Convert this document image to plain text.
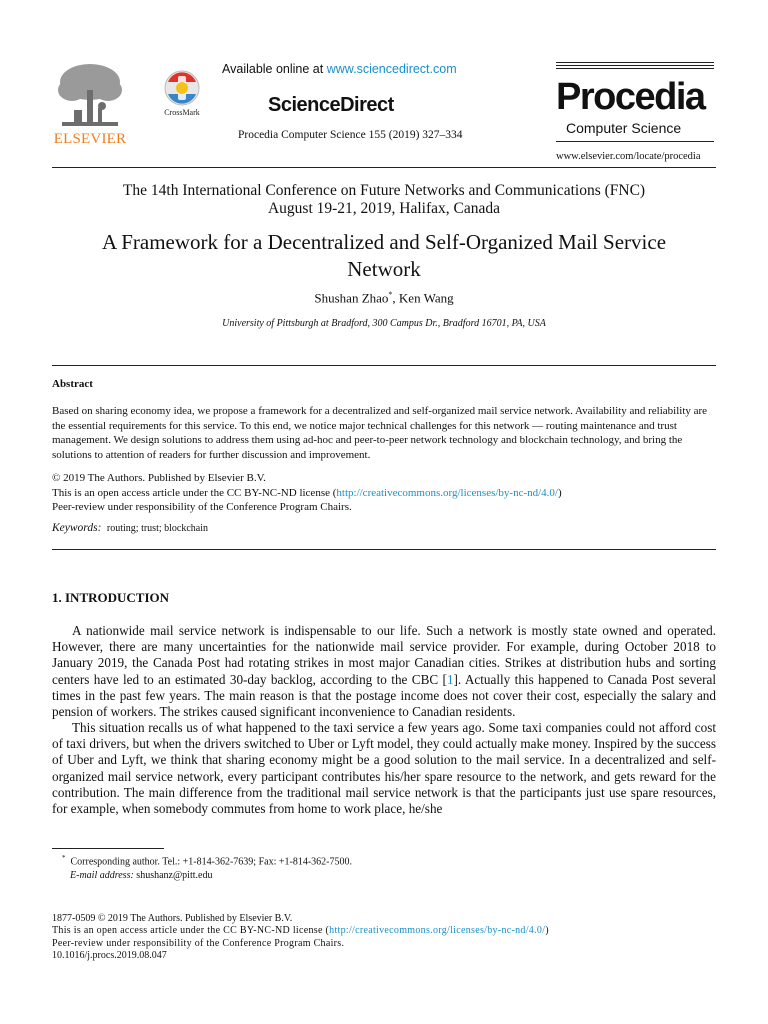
ELSEVIER
CrossMark
Available online at www.sciencedirect.com
ScienceDirect
Procedia Computer Science 155 (2019) 327–334
Procedia
Computer Science
www.elsevier.com/locate/procedia
The 14th International Conference on Future Networks and Communications (FNC)
August 19-21, 2019, Halifax, Canada
A Framework for a Decentralized and Self-Organized Mail Service
Network
Shushan Zhao*, Ken Wang
University of Pittsburgh at Bradford, 300 Campus Dr., Bradford 16701, PA, USA
Abstract
Based on sharing economy idea, we propose a framework for a decentralized and self-organized mail service network. Availability and reliability are the essential requirements for this service. To this end, we notice major technical challenges for this network — routing maintenance and trust management. We design solutions to address them using ad-hoc and peer-to-peer network technology and blockchain technology, and bring the solutions to attention of readers for further discussion and improvement.
© 2019 The Authors. Published by Elsevier B.V.
This is an open access article under the CC BY-NC-ND license (http://creativecommons.org/licenses/by-nc-nd/4.0/)
Peer-review under responsibility of the Conference Program Chairs.
Keywords: routing; trust; blockchain
1. INTRODUCTION
A nationwide mail service network is indispensable to our life. Such a network is mostly state owned and operated. However, there are many uncertainties for the nationwide mail service provider. For example, during October 2018 to January 2019, the Canada Post had rotating strikes in most major Canadian cities. Strikes at distribution hubs and sorting centers have led to an estimated 30-day backlog, according to the CBC [1]. Actually this happened to Canada Post several times in the past few years. The main reason is that the postage income does not cover their cost, especially the salary and pension of workers. The strikes caused significant inconvenience to Canadian residents.
This situation recalls us of what happened to the taxi service a few years ago. Some taxi companies could not afford cost of taxi drivers, but when the drivers switched to Uber or Lyft model, they could actually make money. Inspired by the success of Uber and Lyft, we think that sharing economy might be a good solution to the mail service. In a decentralized and self-organized mail service network, every participant contributes his/her spare resource to the network, and gets reward for the contribution. The main difference from the traditional mail service network is that the participants just use spare resources, for example, when somebody commutes from home to work place, he/she
* Corresponding author. Tel.: +1-814-362-7639; Fax: +1-814-362-7500.
E-mail address: shushanz@pitt.edu
1877-0509 © 2019 The Authors. Published by Elsevier B.V.
This is an open access article under the CC BY-NC-ND license (http://creativecommons.org/licenses/by-nc-nd/4.0/)
Peer-review under responsibility of the Conference Program Chairs.
10.1016/j.procs.2019.08.047
